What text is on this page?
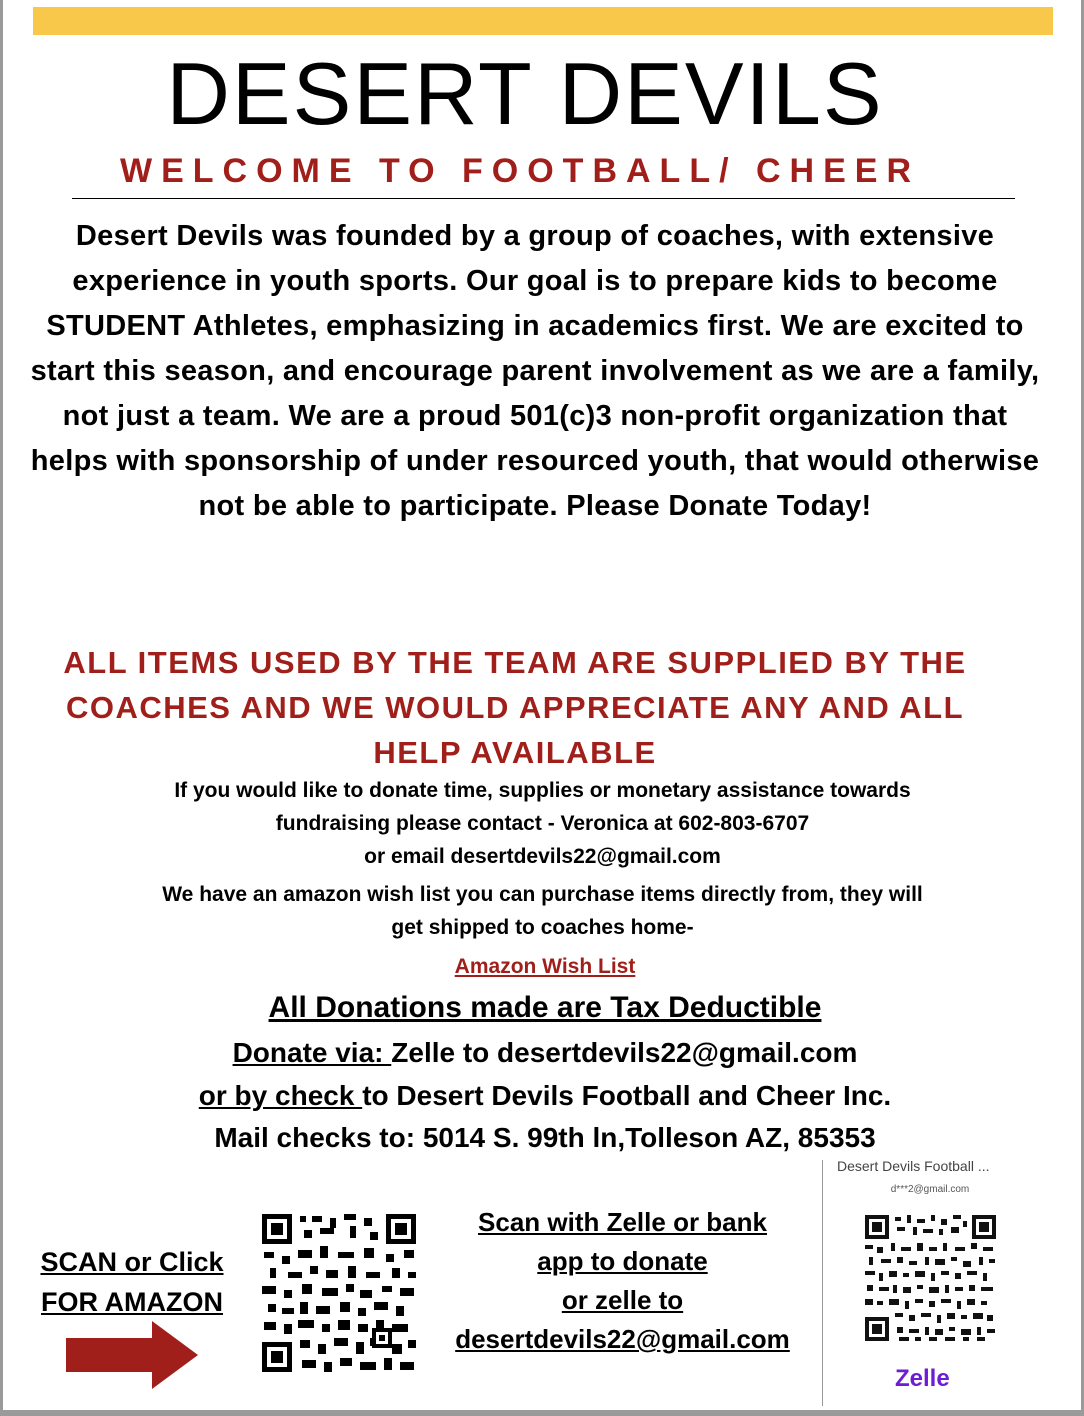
DESERT DEVILS
WELCOME TO FOOTBALL/ CHEER
Desert Devils was founded by a group of coaches, with extensive experience in youth sports. Our goal is to prepare kids to become STUDENT Athletes, emphasizing in academics first. We are excited to start this season, and encourage parent involvement as we are a family, not just a team. We are a proud 501(c)3 non-profit organization that helps with sponsorship of under resourced youth, that would otherwise not be able to participate. Please Donate Today!
ALL ITEMS USED BY THE TEAM ARE SUPPLIED BY THE COACHES AND WE WOULD APPRECIATE ANY AND ALL HELP AVAILABLE
If you would like to donate time, supplies or monetary assistance towards
fundraising please contact - Veronica at 602-803-6707
or email desertdevils22@gmail.com
We have an amazon wish list you can purchase items directly from, they will
get shipped to coaches home-
Amazon Wish List
All Donations made are Tax Deductible
Donate via: Zelle to desertdevils22@gmail.com
or by check to Desert Devils Football and Cheer Inc.
Mail checks to: 5014 S. 99th ln,Tolleson AZ, 85353
SCAN or Click
FOR AMAZON
Scan with Zelle or bank
app to donate
or zelle to
desertdevils22@gmail.com
Desert Devils Football ...
d***2@gmail.com
Zelle
